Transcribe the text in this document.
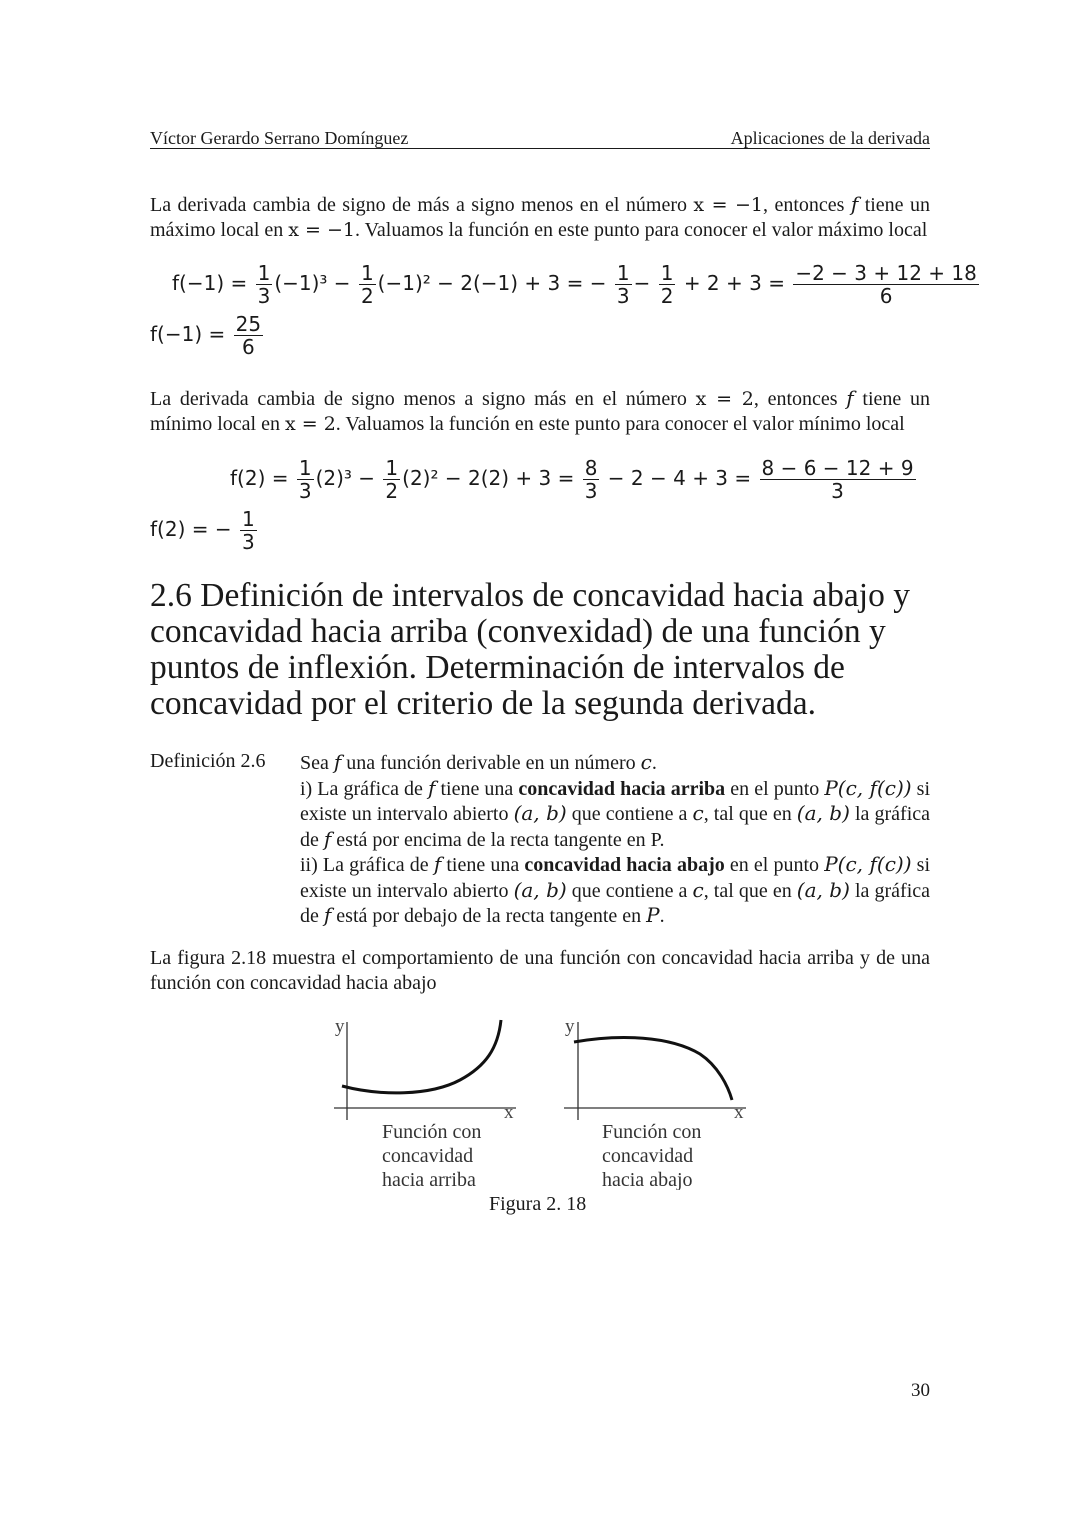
Víctor Gerardo Serrano Domínguez	Aplicaciones de la derivada
La derivada cambia de signo de más a signo menos en el número x = −1, entonces f tiene un máximo local en x = −1. Valuamos la función en este punto para conocer el valor máximo local
$f(-1) = \frac{1}{3} (-1)^3 - \frac{1}{2} (-1)^2 - 2(-1) + 3$ = − $\frac{1}{3} - \frac{1}{2} + 2 + 3 = \frac{-2 - 3 + 12 + 18}{6}$
$f(-1) = \frac{25}{6}$
La derivada cambia de signo menos a signo más en el número x = 2, entonces f tiene un mínimo local en x = 2. Valuamos la función en este punto para conocer el valor mínimo local
$f(2) = \frac{1}{3} (2)^3 - \frac{1}{2} (2)^2 - 2(2) + 3 = \frac{8}{3} - 2 - 4 + 3 = \frac{8 - 6 - 12 + 9}{3}$
f(2) = − $\frac{1}{3}$
2.6 Definición de intervalos de concavidad hacia abajo y concavidad hacia arriba (convexidad) de una función y puntos de inflexión. Determinación de intervalos de concavidad por el criterio de la segunda derivada.
Definición 2.6 Sea f una función derivable en un número c.
i) La gráfica de f tiene una concavidad hacia arriba en el punto P(c, f(c)) si existe un intervalo abierto (a, b) que contiene a c, tal que en (a, b) la gráfica de f está por encima de la recta tangente en P.
ii) La gráfica de f tiene una concavidad hacia abajo en el punto P(c, f(c)) si existe un intervalo abierto (a, b) que contiene a c, tal que en (a, b) la gráfica de f está por debajo de la recta tangente en P.
La figura 2.18 muestra el comportamiento de una función con concavidad hacia arriba y de una función con concavidad hacia abajo
y
x
y
x
Función con concavidad hacia arriba
Función con concavidad hacia abajo
Figura 2. 18
30
